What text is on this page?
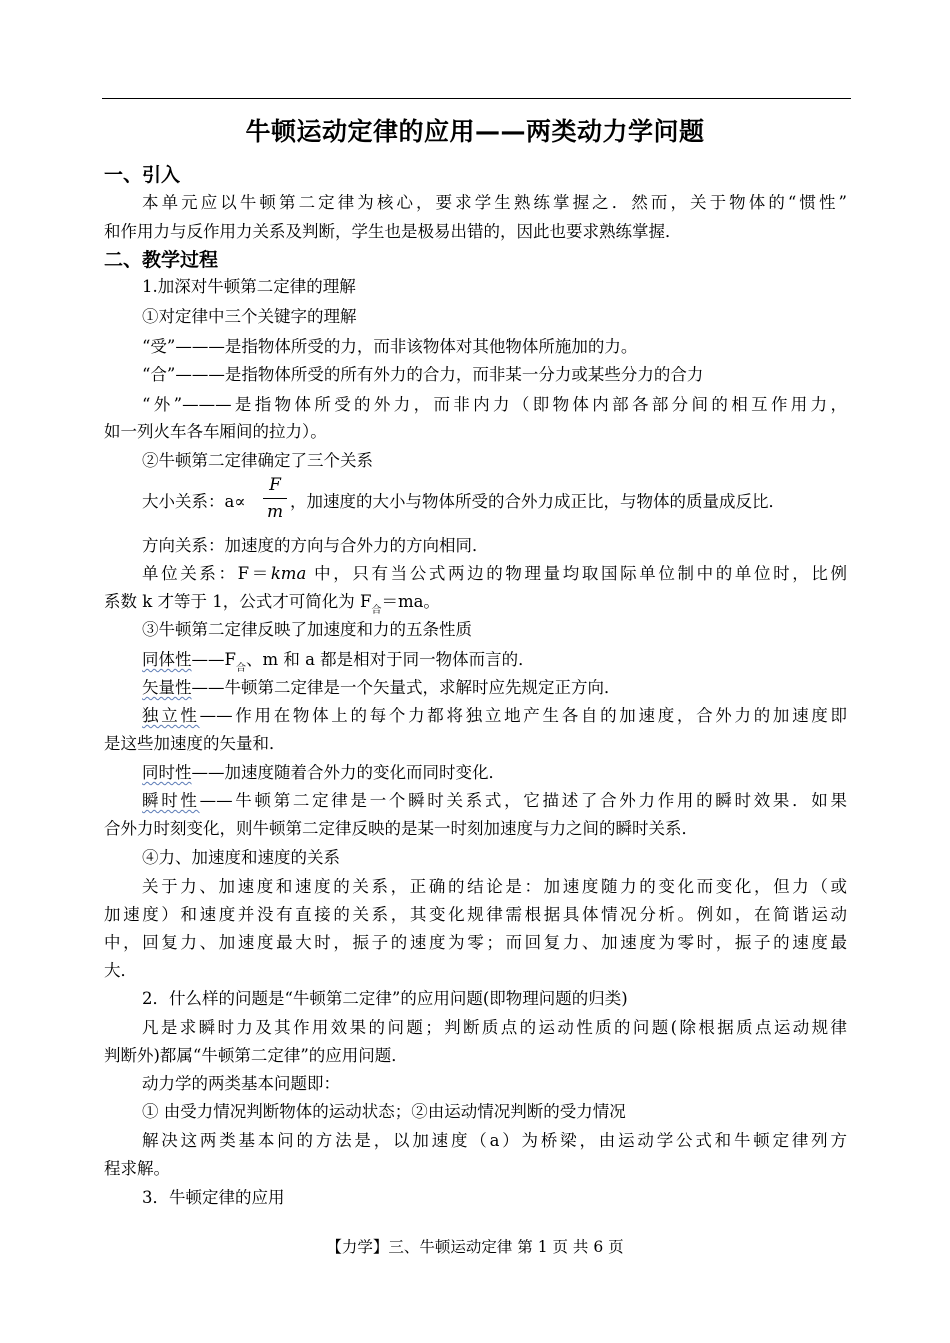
牛顿运动定律的应用——两类动力学问题
一、引入
本单元应以牛顿第二定律为核心，要求学生熟练掌握之．然而，关于物体的“惯性”
和作用力与反作用力关系及判断，学生也是极易出错的，因此也要求熟练掌握．
二、教学过程
1.加深对牛顿第二定律的理解
①对定律中三个关键字的理解
“受”———是指物体所受的力，而非该物体对其他物体所施加的力。
“合”———是指物体所受的所有外力的合力，而非某一分力或某些分力的合力
“外”———是指物体所受的外力，而非内力（即物体内部各部分间的相互作用力，
如一列火车各车厢间的拉力）。
②牛顿第二定律确定了三个关系
大小关系：a∝
F
m
，加速度的大小与物体所受的合外力成正比，与物体的质量成反比．
方向关系：加速度的方向与合外力的方向相同．
单位关系：F＝kma 中，只有当公式两边的物理量均取国际单位制中的单位时，比例
系数 k 才等于 1，公式才可简化为 $F_合=ma$。
③牛顿第二定律反映了加速度和力的五条性质
同体性$——F_合$、m 和 a 都是相对于同一物体而言的．
矢量性——牛顿第二定律是一个矢量式，求解时应先规定正方向．
独立性——作用在物体上的每个力都将独立地产生各自的加速度，合外力的加速度即
是这些加速度的矢量和．
同时性——加速度随着合外力的变化而同时变化．
瞬时性——牛顿第二定律是一个瞬时关系式，它描述了合外力作用的瞬时效果．如果
合外力时刻变化，则牛顿第二定律反映的是某一时刻加速度与力之间的瞬时关系．
④力、加速度和速度的关系
关于力、加速度和速度的关系，正确的结论是：加速度随力的变化而变化，但力（或
加速度）和速度并没有直接的关系，其变化规律需根据具体情况分析。例如，在简谐运动
中，回复力、加速度最大时，振子的速度为零；而回复力、加速度为零时，振子的速度最
大．
2．什么样的问题是“牛顿第二定律”的应用问题(即物理问题的归类)
凡是求瞬时力及其作用效果的问题；判断质点的运动性质的问题(除根据质点运动规律
判断外)都属“牛顿第二定律”的应用问题．
动力学的两类基本问题即：
① 由受力情况判断物体的运动状态；②由运动情况判断的受力情况
解决这两类基本问的方法是，以加速度（a）为桥梁，由运动学公式和牛顿定律列方
程求解。
3．牛顿定律的应用
【力学】三、牛顿运动定律 第 1 页 共 6 页
